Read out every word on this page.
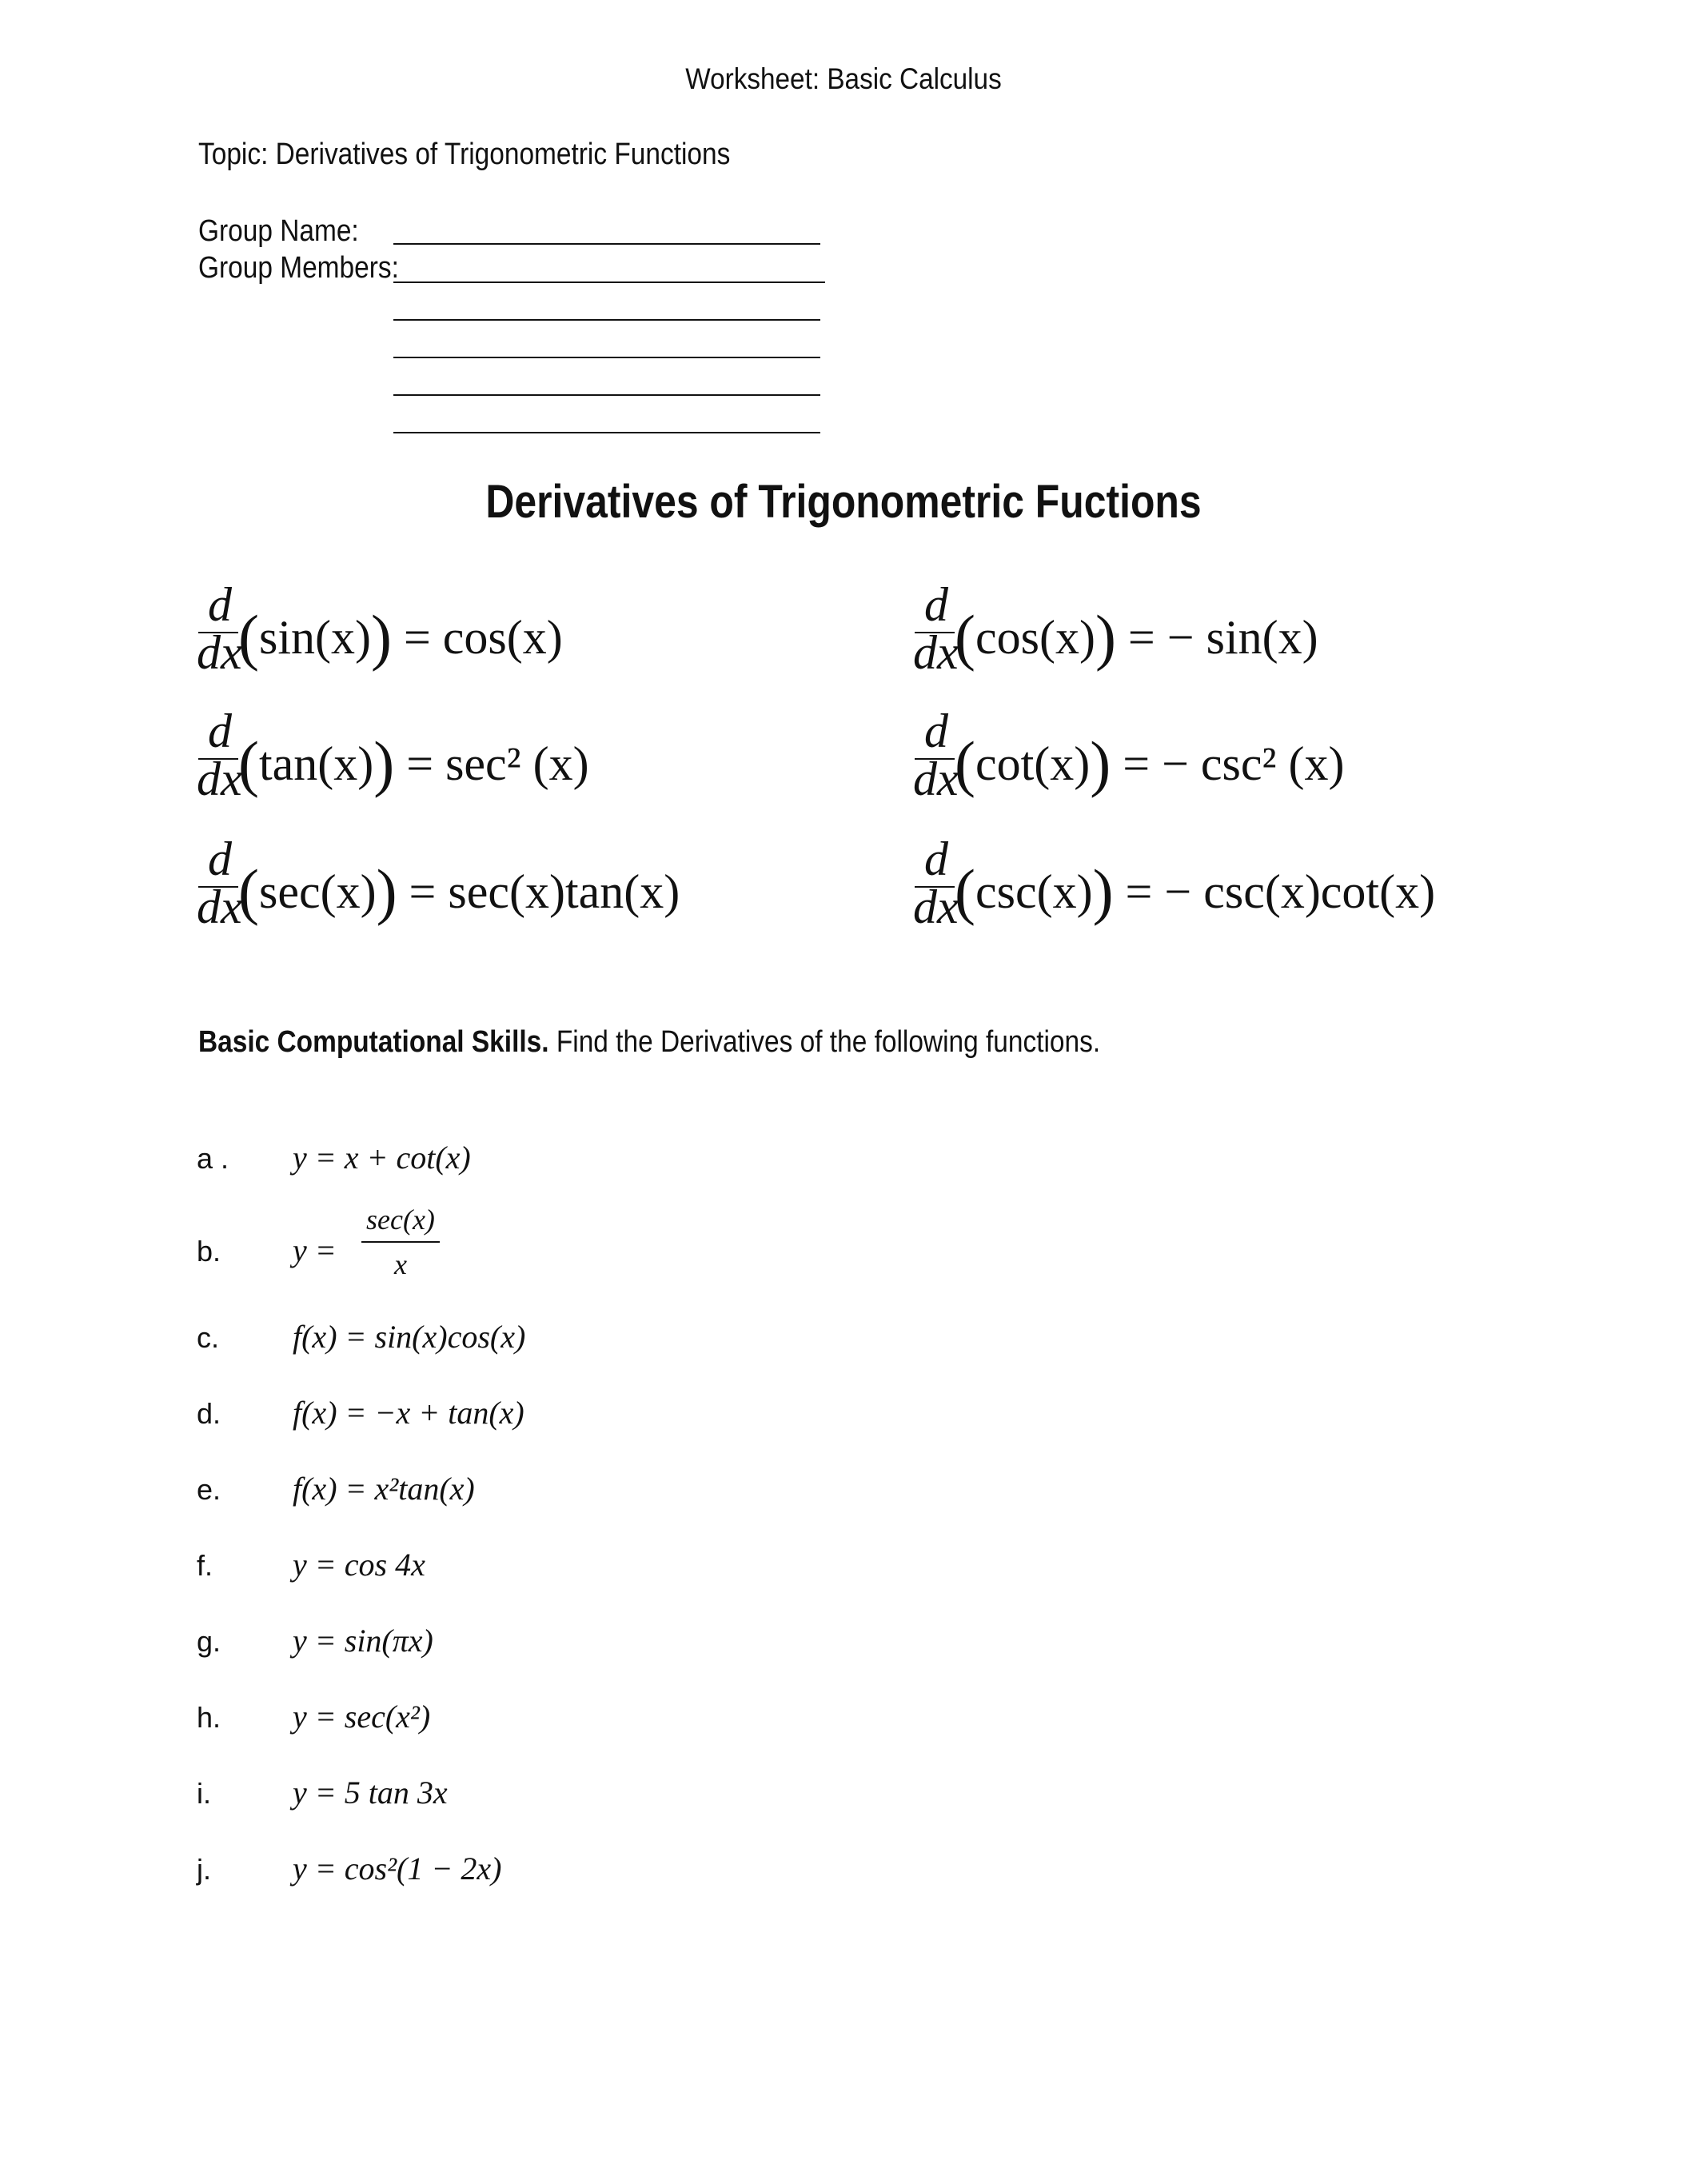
Worksheet: Basic Calculus
Topic: Derivatives of Trigonometric Functions
Group Name:
Group Members:
Derivatives of Trigonometric Fuctions
d
dx
(sin(x)) = cos(x)
d
dx
(cos(x)) = − sin(x)
d
dx
(tan(x)) = sec² (x)
d
dx
(cot(x)) = − csc² (x)
d
dx
(sec(x)) = sec(x)tan(x)
d
dx
(csc(x)) = − csc(x)cot(x)
Basic Computational Skills. Find the Derivatives of the following functions.
a . y = x + cot(x)
b. y =
sec(x)
x
c. f(x) = sin(x)cos(x)
d. f(x) = −x + tan(x)
e. f(x) = x²tan(x)
f. y = cos 4x
g. y = sin(πx)
h. y = sec(x²)
i.	y = 5 tan 3x
j.	y = cos²(1 − 2x)
